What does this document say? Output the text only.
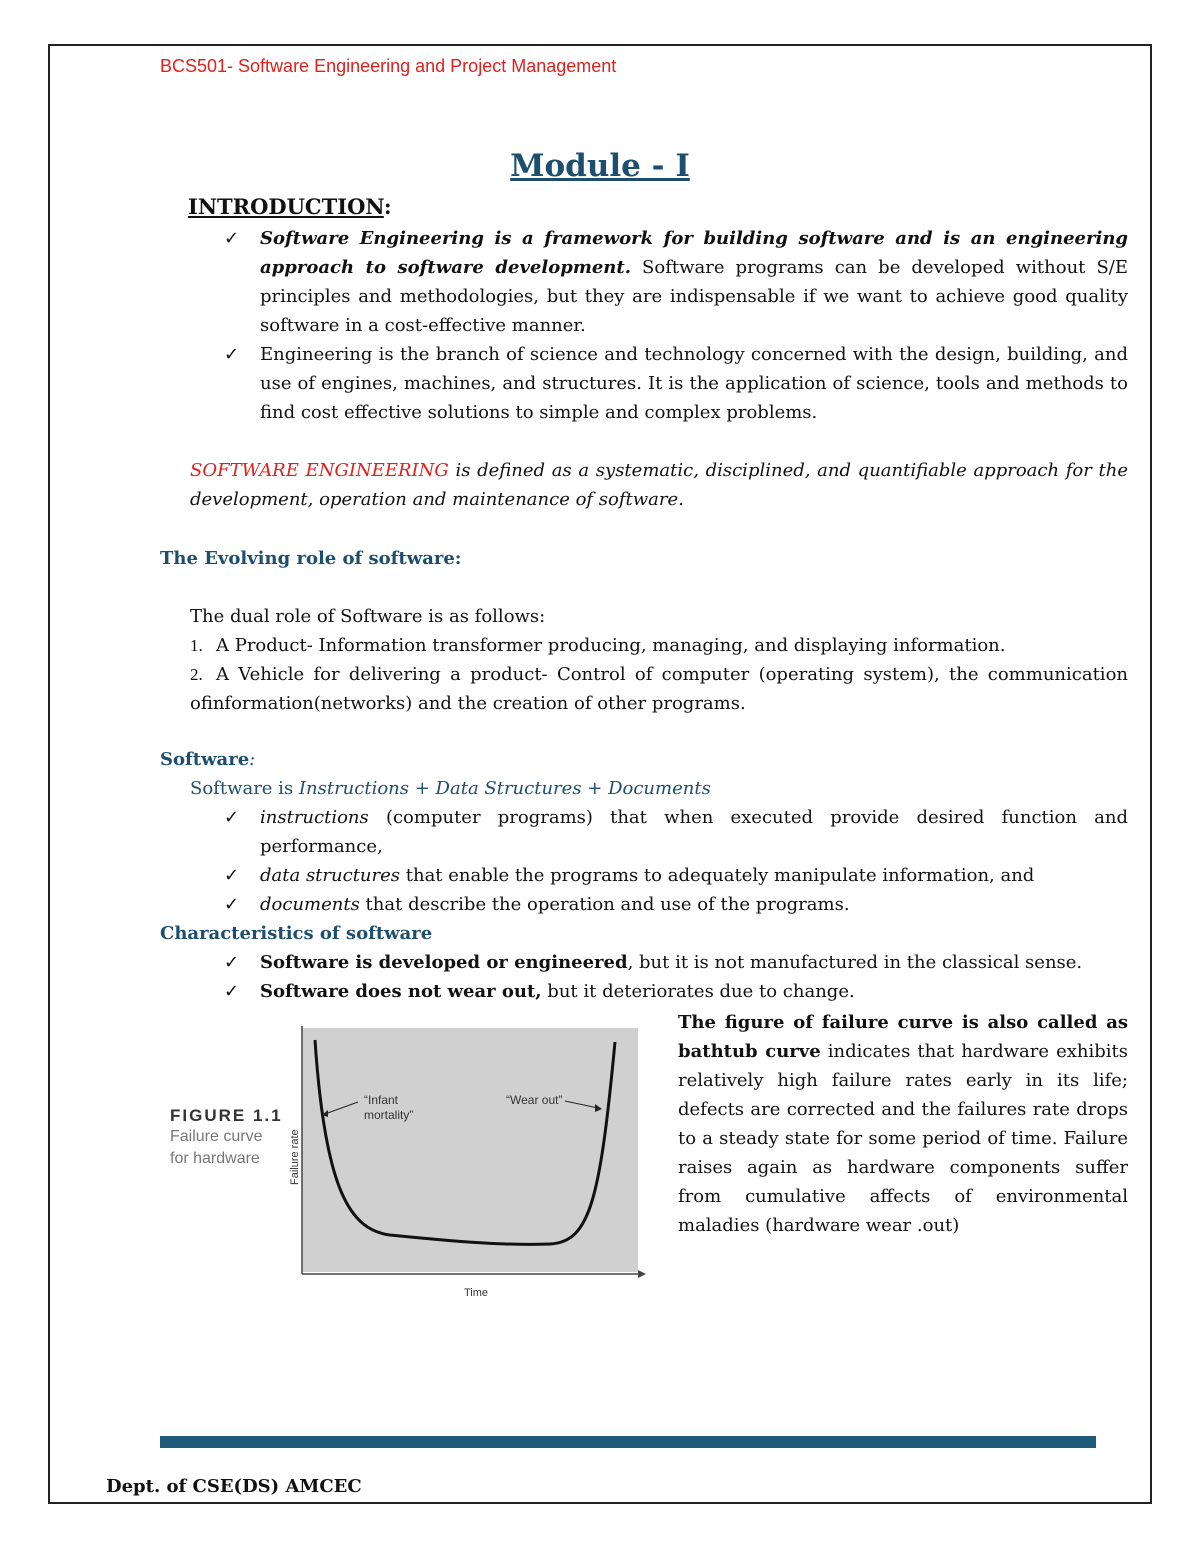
BCS501- Software Engineering and Project Management
Module - I
INTRODUCTION:
✓ Software Engineering is a framework for building software and is an engineering approach to software development. Software programs can be developed without S/E principles and methodologies, but they are indispensable if we want to achieve good quality software in a cost-effective manner.
✓ Engineering is the branch of science and technology concerned with the design, building, and use of engines, machines, and structures. It is the application of science, tools and methods to find cost effective solutions to simple and complex problems.
SOFTWARE ENGINEERING is defined as a systematic, disciplined, and quantifiable approach for the development, operation and maintenance of software.
The Evolving role of software:
The dual role of Software is as follows:
1. A Product- Information transformer producing, managing, and displaying information.
2. A Vehicle for delivering a product- Control of computer (operating system), the communication ofinformation(networks) and the creation of other programs.
Software:
Software is Instructions + Data Structures + Documents
✓ instructions (computer programs) that when executed provide desired function and performance,
✓ data structures that enable the programs to adequately manipulate information, and
✓ documents that describe the operation and use of the programs.
Characteristics of software
✓ Software is developed or engineered, but it is not manufactured in the classical sense.
✓ Software does not wear out, but it deteriorates due to change.
FIGURE 1.1
Failure curve
for hardware
“Infant
mortality”
“Wear out”
Failure rate
Time
The figure of failure curve is also called as bathtub curve indicates that hardware exhibits relatively high failure rates early in its life; defects are corrected and the failures rate drops to a steady state for some period of time. Failure raises again as hardware components suffer from cumulative affects of environmental maladies (hardware wear .out)
Dept. of CSE(DS) AMCEC
